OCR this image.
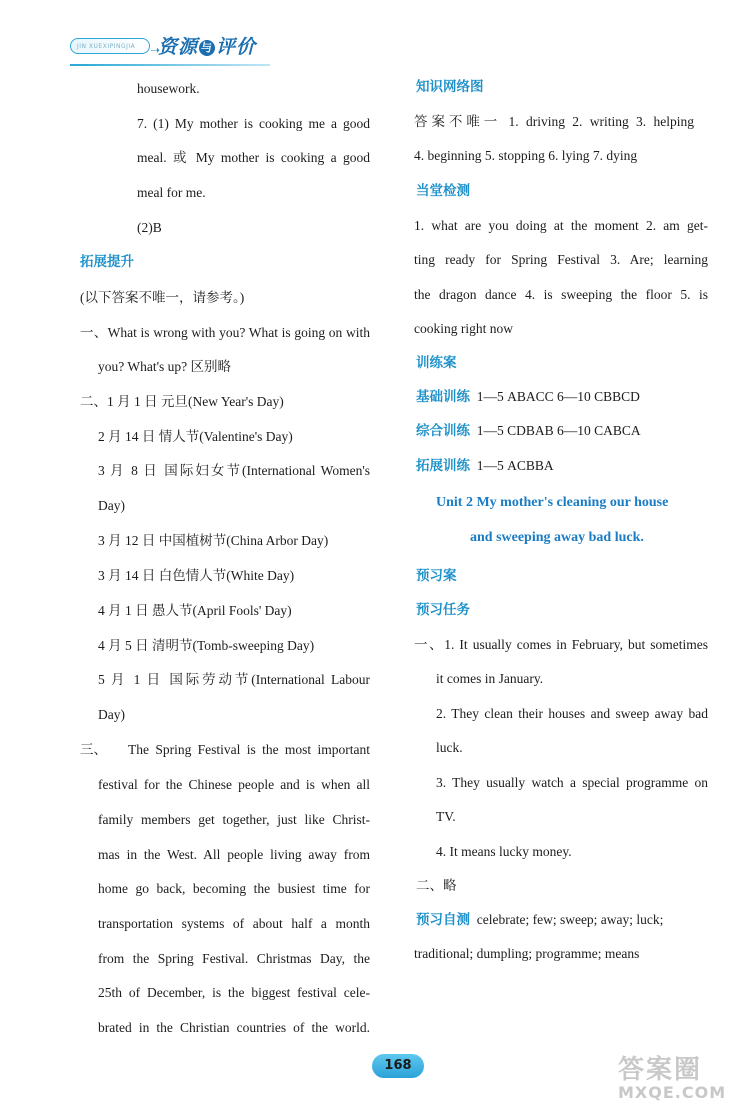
JIN XUEXIPINGJIA	➝
资源 与 评价
housework.
7. (1) My mother is cooking me a good
meal. 或 My mother is cooking a good
meal for me.
(2)B
拓展提升
(以下答案不唯一，请参考。)
一、What is wrong with you? What is going on with
you? What's up? 区别略
二、1 月 1 日 元旦(New Year's Day)
2 月 14 日 情人节(Valentine's Day)
3 月 8 日 国际妇女节(International Women's
Day)
3 月 12 日 中国植树节(China Arbor Day)
3 月 14 日 白色情人节(White Day)
4 月 1 日 愚人节(April Fools' Day)
4 月 5 日 清明节(Tomb-sweeping Day)
5 月 1 日 国际劳动节(International Labour
Day)
三、 The Spring Festival is the most important
festival for the Chinese people and is when all
family members get together, just like Christ-
mas in the West. All people living away from
home go back, becoming the busiest time for
transportation systems of about half a month
from the Spring Festival. Christmas Day, the
25th of December, is the biggest festival cele-
brated in the Christian countries of the world.
知识网络图
答案不唯一 1. driving 2. writing 3. helping
4. beginning 5. stopping 6. lying 7. dying
当堂检测
1. what are you doing at the moment 2. am get-
ting ready for Spring Festival 3. Are; learning
the dragon dance 4. is sweeping the floor 5. is
cooking right now
训练案
基础训练 1—5 ABACC 6—10 CBBCD
综合训练 1—5 CDBAB 6—10 CABCA
拓展训练 1—5 ACBBA
Unit 2 My mother's cleaning our house
and sweeping away bad luck.
预习案
预习任务
一、1. It usually comes in February, but sometimes
it comes in January.
2. They clean their houses and sweep away bad
luck.
3. They usually watch a special programme on
TV.
4. It means lucky money.
二、略
预习自测 celebrate; few; sweep; away; luck;
traditional; dumpling; programme; means
168	答案圈
MXQE.COM
